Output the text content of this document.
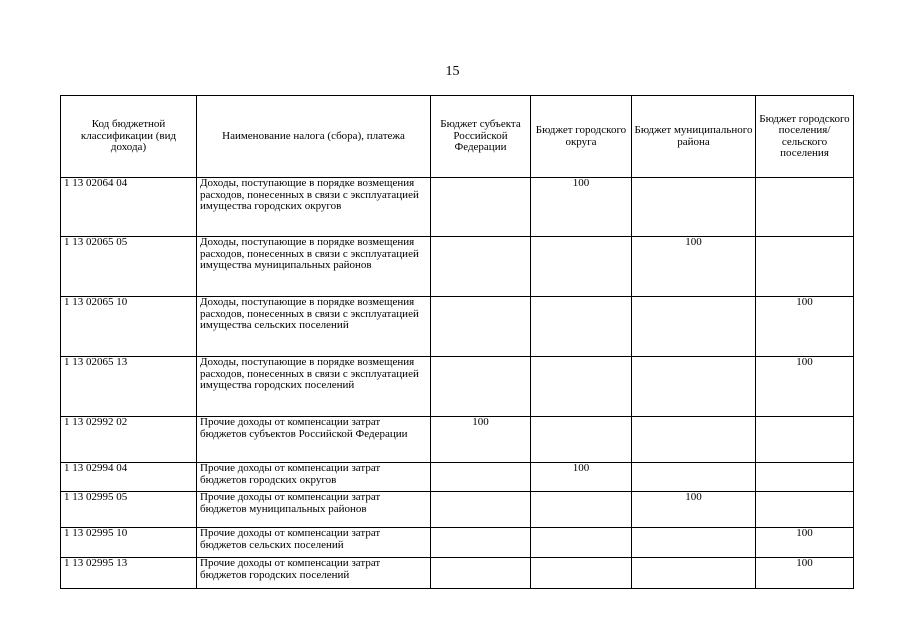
15
Код бюджетной классификации (вид дохода)	Наименование налога (сбора), платежа	Бюджет субъекта Российской Федерации	Бюджет городского округа	Бюджет муниципального района	Бюджет городского поселения/ сельского поселения
1 13 02064 04	Доходы, поступающие в порядке возмещения расходов, понесенных в связи с эксплуатацией имущества городских округов		100		
1 13 02065 05	Доходы, поступающие в порядке возмещения расходов, понесенных в связи с эксплуатацией имущества муниципальных районов			100	
1 13 02065 10	Доходы, поступающие в порядке возмещения расходов, понесенных в связи с эксплуатацией имущества сельских поселений				100
1 13 02065 13	Доходы, поступающие в порядке возмещения расходов, понесенных в связи с эксплуатацией имущества городских поселений				100
1 13 02992 02	Прочие доходы от компенсации затрат бюджетов субъектов Российской Федерации	100			
1 13 02994 04	Прочие доходы от компенсации затрат бюджетов городских округов		100		
1 13 02995 05	Прочие доходы от компенсации затрат бюджетов муниципальных районов			100	
1 13 02995 10	Прочие доходы от компенсации затрат бюджетов сельских поселений				100
1 13 02995 13	Прочие доходы от компенсации затрат бюджетов городских поселений				100
